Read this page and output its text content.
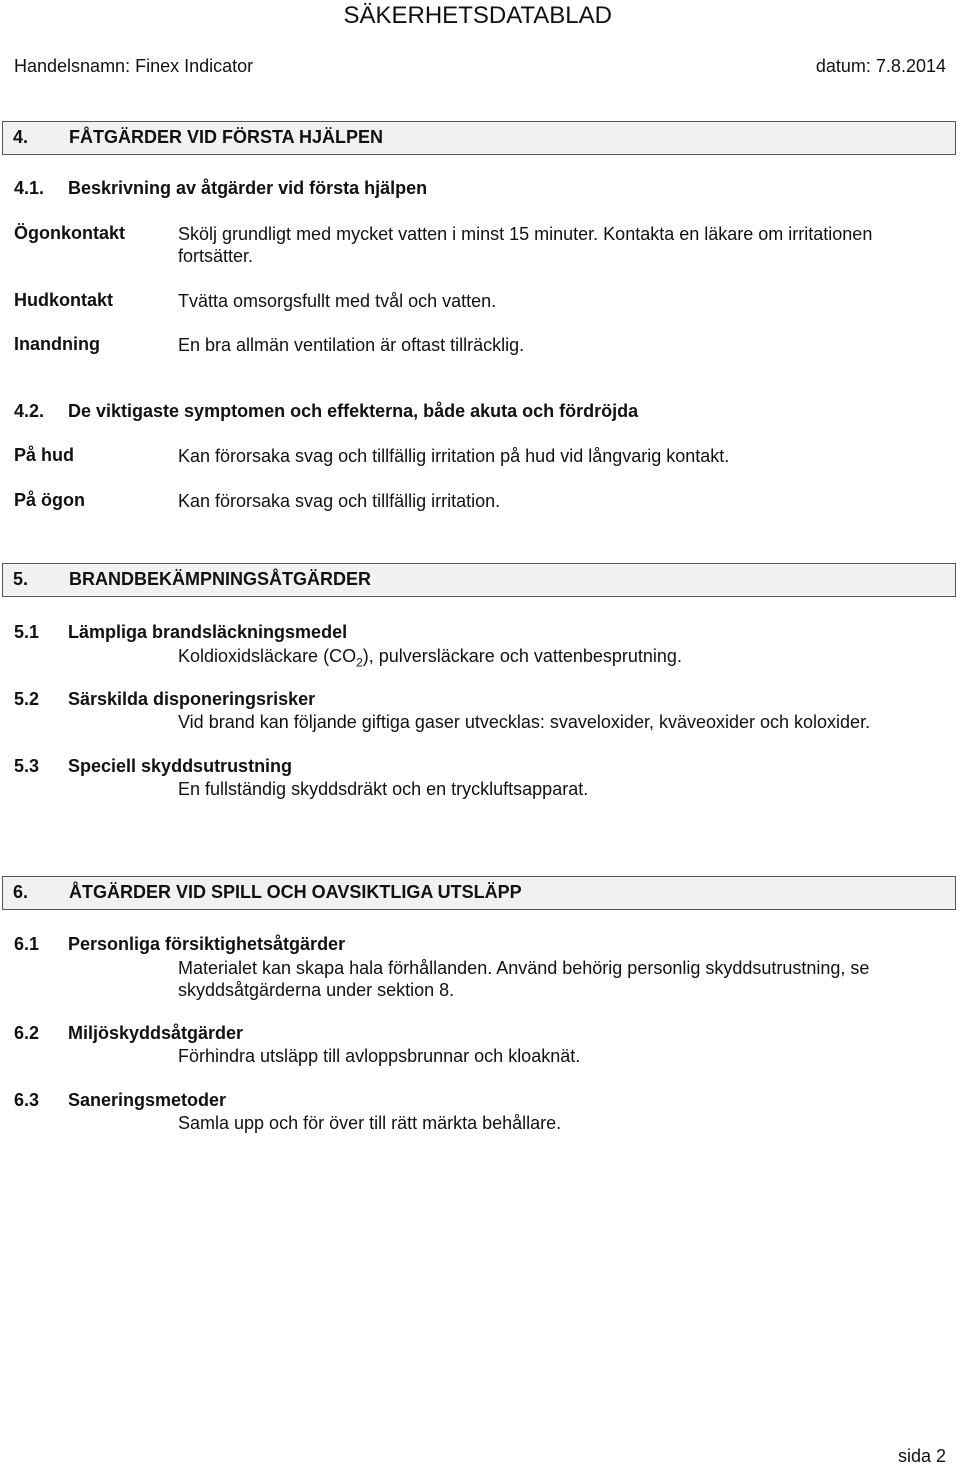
SÄKERHETSDATABLAD
Handelsnamn: Finex Indicator	datum: 7.8.2014
4. FÅTGÄRDER VID FÖRSTA HJÄLPEN
4.1. Beskrivning av åtgärder vid första hjälpen
Ögonkontakt	Skölj grundligt med mycket vatten i minst 15 minuter. Kontakta en läkare om irritationen
fortsätter.
Hudkontakt	Tvätta omsorgsfullt med tvål och vatten.
Inandning	En bra allmän ventilation är oftast tillräcklig.
4.2. De viktigaste symptomen och effekterna, både akuta och fördröjda
På hud	Kan förorsaka svag och tillfällig irritation på hud vid långvarig kontakt.
På ögon	Kan förorsaka svag och tillfällig irritation.
5. BRANDBEKÄMPNINGSÅTGÄRDER
5.1 Lämpliga brandsläckningsmedel
Koldioxidsläckare $(CO_2)$, pulversläckare och vattenbesprutning.
5.2 Särskilda disponeringsrisker
Vid brand kan följande giftiga gaser utvecklas: svaveloxider, kväveoxider och koloxider.
5.3 Speciell skyddsutrustning
En fullständig skyddsdräkt och en tryckluftsapparat.
6. ÅTGÄRDER VID SPILL OCH OAVSIKTLIGA UTSLÄPP
6.1 Personliga försiktighetsåtgärder
Materialet kan skapa hala förhållanden. Använd behörig personlig skyddsutrustning, se
skyddsåtgärderna under sektion 8.
6.2 Miljöskyddsåtgärder
Förhindra utsläpp till avloppsbrunnar och kloaknät.
6.3 Saneringsmetoder
Samla upp och för över till rätt märkta behållare.
sida 2
